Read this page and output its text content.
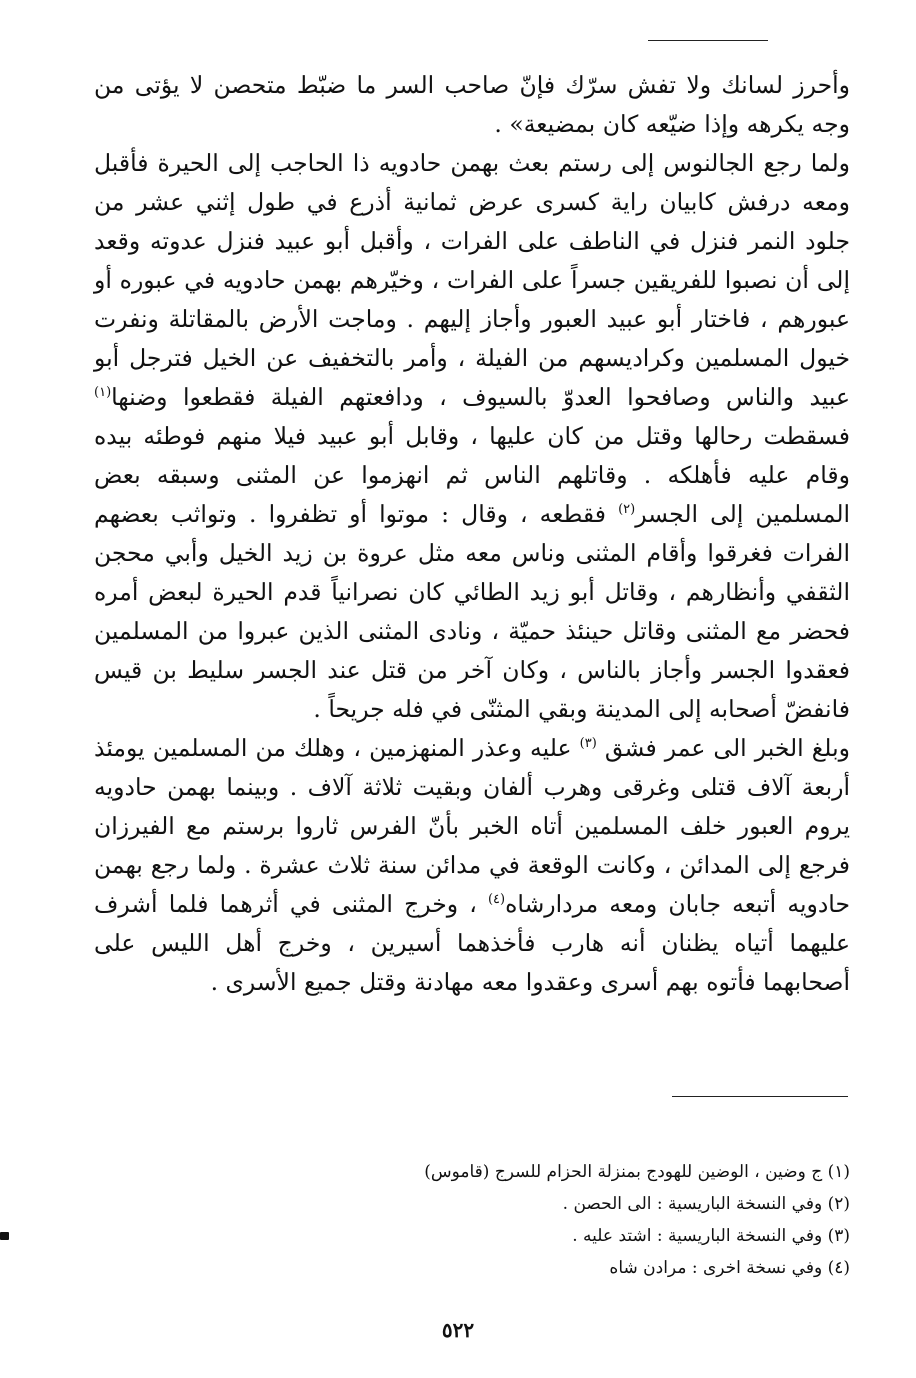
وأحرز لسانك ولا تفش سرّك فإنّ صاحب السر ما ضبّط متحصن لا يؤتى من وجه يكرهه وإذا ضيّعه كان بمضيعة» .

ولما رجع الجالنوس إلى رستم بعث بهمن حادويه ذا الحاجب إلى الحيرة فأقبل ومعه درفش كابيان راية كسرى عرض ثمانية أذرع في طول إثني عشر من جلود النمر فنزل في الناطف على الفرات ، وأقبل أبو عبيد فنزل عدوته وقعد إلى أن نصبوا للفريقين جسراً على الفرات ، وخيّرهم بهمن حادويه في عبوره أو عبورهم ، فاختار أبو عبيد العبور وأجاز إليهم . وماجت الأرض بالمقاتلة ونفرت خيول المسلمين وكراديسهم من الفيلة ، وأمر بالتخفيف عن الخيل فترجل أبو عبيد والناس وصافحوا العدوّ بالسيوف ، ودافعتهم الفيلة فقطعوا وضنها$^{(١)}$ فسقطت رحالها وقتل من كان عليها ، وقابل أبو عبيد فيلا منهم فوطئه بيده وقام عليه فأهلكه . وقاتلهم الناس ثم انهزموا عن المثنى وسبقه بعض المسلمين إلى الجسر$^{(٢)}$ فقطعه ، وقال : موتوا أو تظفروا . وتواثب بعضهم الفرات فغرقوا وأقام المثنى وناس معه مثل عروة بن زيد الخيل وأبي محجن الثقفي وأنظارهم ، وقاتل أبو زيد الطائي كان نصرانياً قدم الحيرة لبعض أمره فحضر مع المثنى وقاتل حينئذ حميّة ، ونادى المثنى الذين عبروا من المسلمين فعقدوا الجسر وأجاز بالناس ، وكان آخر من قتل عند الجسر سليط بن قيس فانفضّ أصحابه إلى المدينة وبقي المثنّى في فله جريحاً .

وبلغ الخبر الى عمر فشق $^{(٣)}$ عليه وعذر المنهزمين ، وهلك من المسلمين يومئذ أربعة آلاف قتلى وغرقى وهرب ألفان وبقيت ثلاثة آلاف . وبينما بهمن حادويه يروم العبور خلف المسلمين أتاه الخبر بأنّ الفرس ثاروا برستم مع الفيرزان فرجع إلى المدائن ، وكانت الوقعة في مدائن سنة ثلاث عشرة . ولما رجع بهمن حادويه أتبعه جابان ومعه مردارشاه$^{(٤)}$ ، وخرج المثنى في أثرهما فلما أشرف عليهما أتياه يظنان أنه هارب فأخذهما أسيرين ، وخرج أهل الليس على أصحابهما فأتوه بهم أسرى وعقدوا معه مهادنة وقتل جميع الأسرى .

(١) ج وضين ، الوضين للهودج بمنزلة الحزام للسرج (قاموس)
(٢) وفي النسخة الباريسية : الى الحصن .
(٣) وفي النسخة الباريسية : اشتد عليه .
(٤) وفي نسخة اخرى : مرادن شاه
٥٢٢
